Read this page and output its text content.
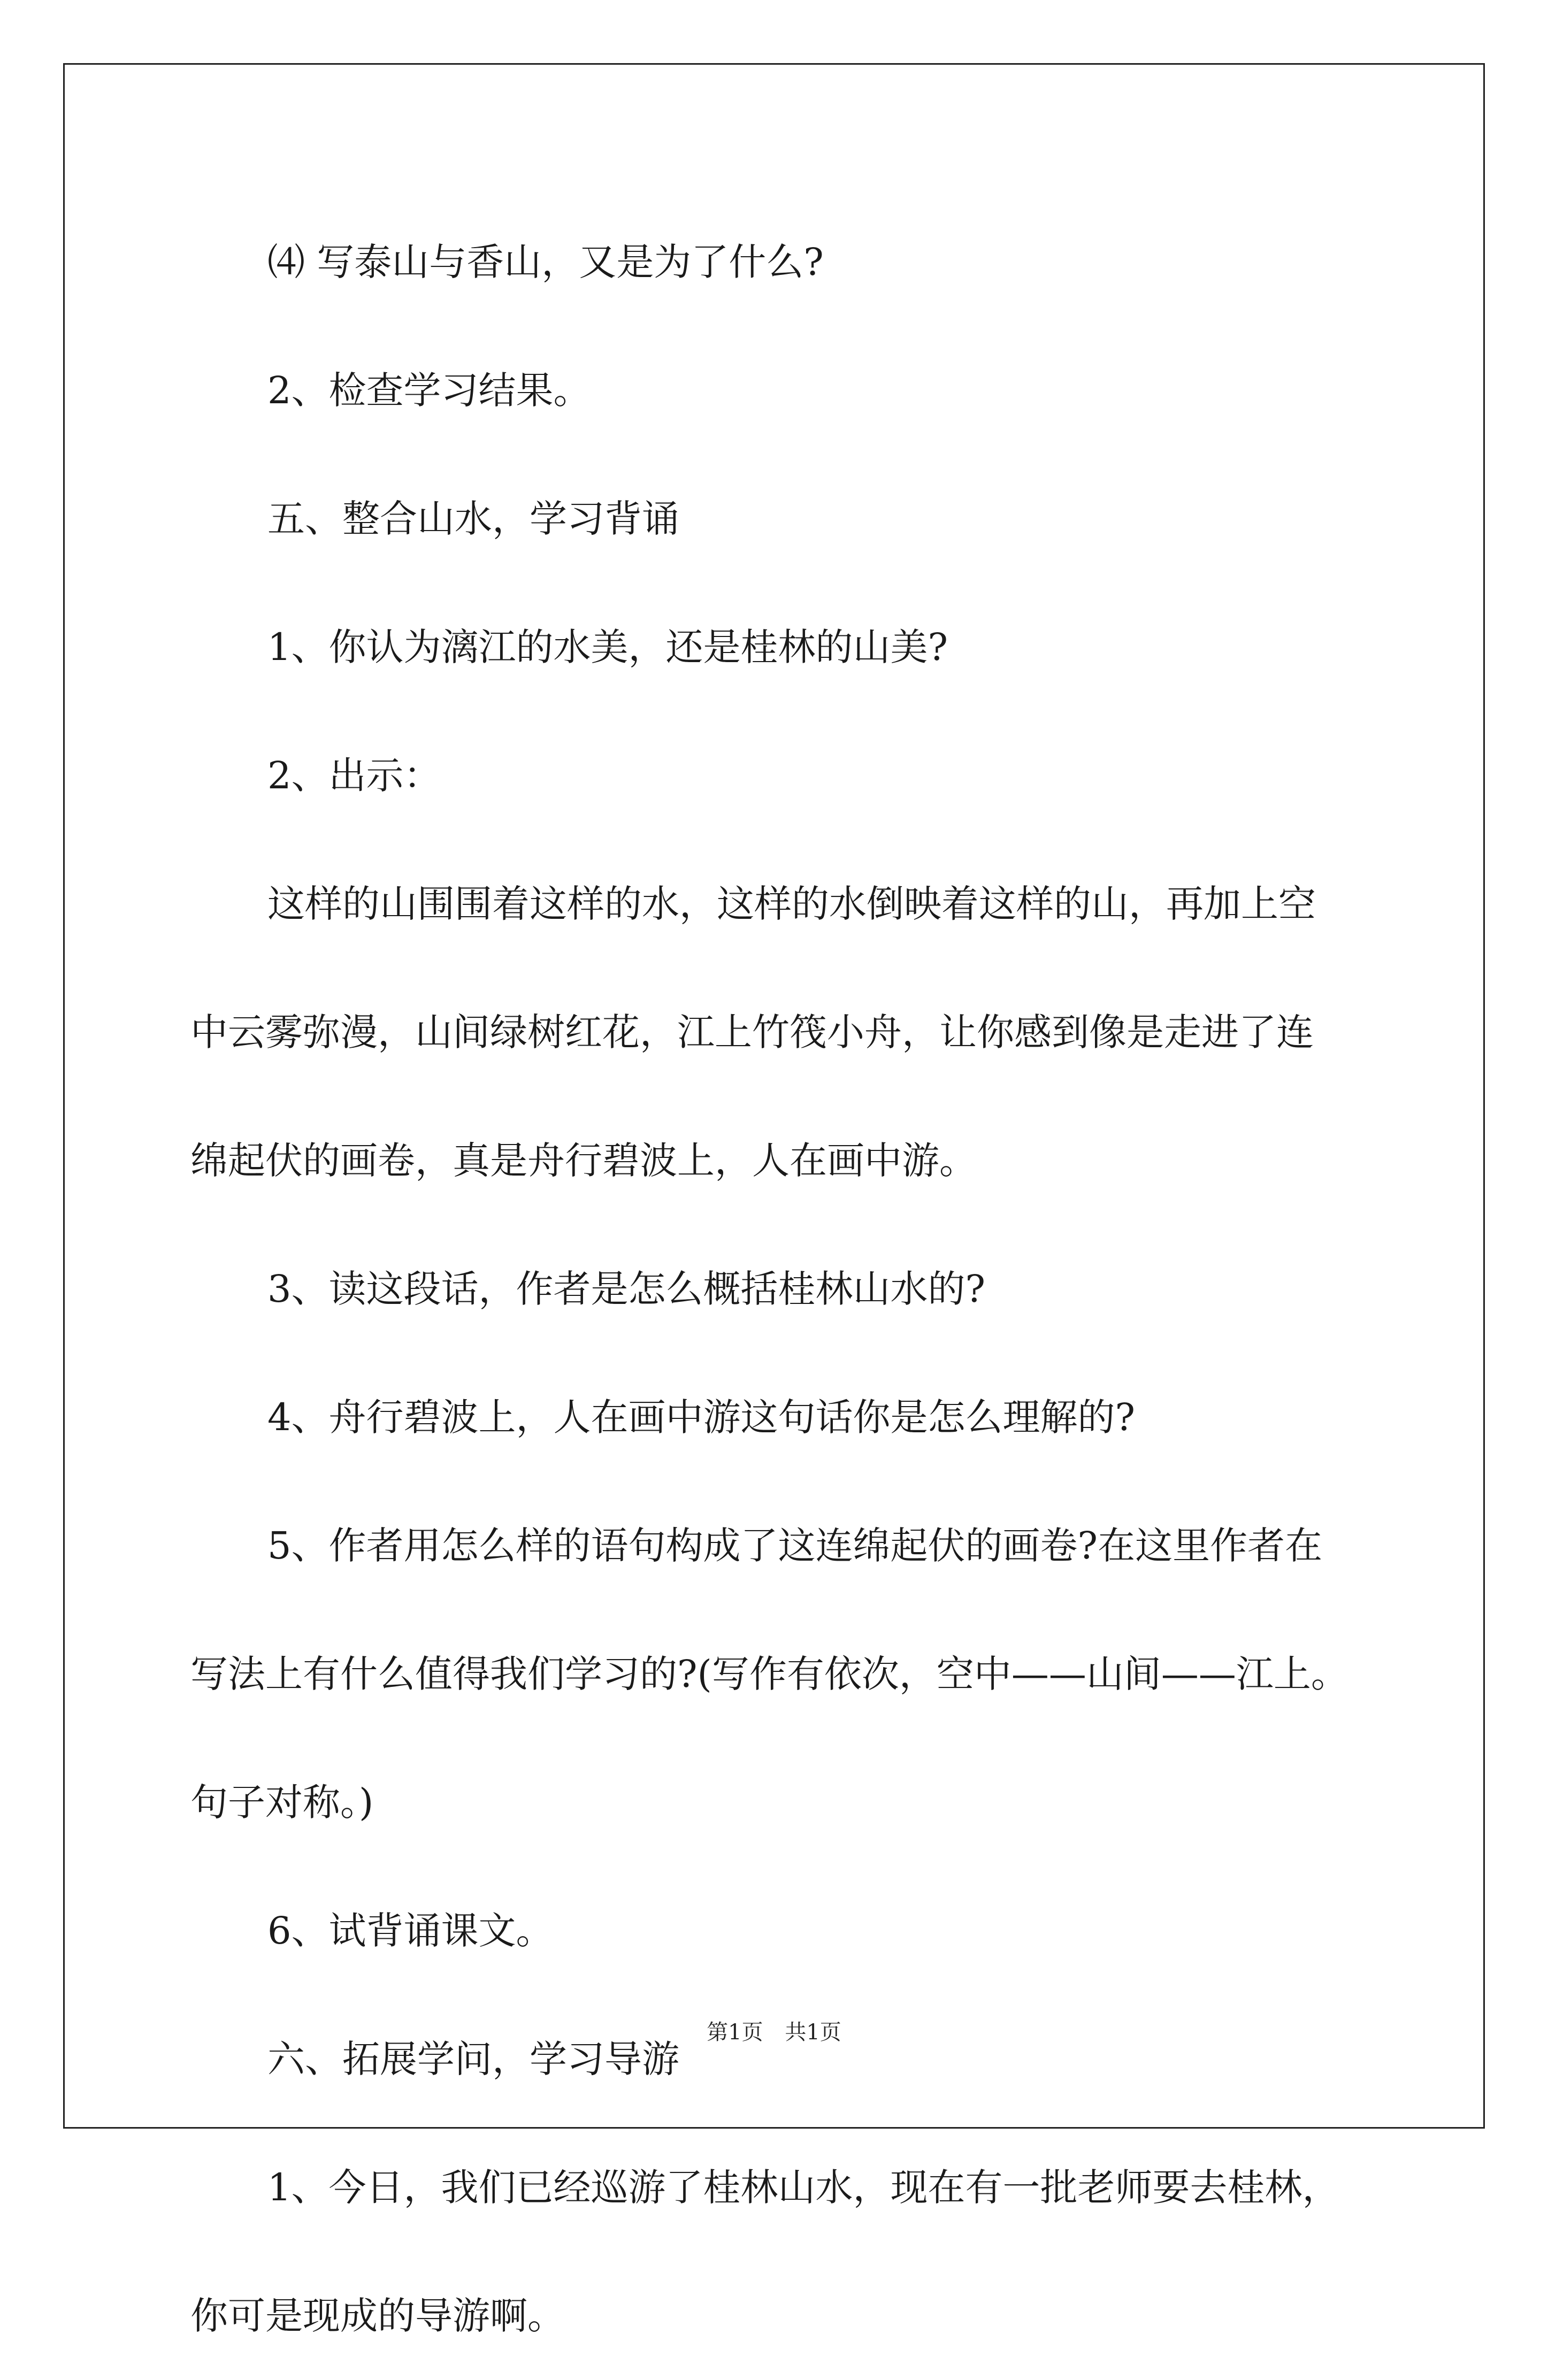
⑷ 写泰山与香山，又是为了什么?

2、检查学习结果。

五、整合山水，学习背诵

1、你认为漓江的水美，还是桂林的山美?

2、出示：

这样的山围围着这样的水，这样的水倒映着这样的山，再加上空

中云雾弥漫，山间绿树红花，江上竹筏小舟，让你感到像是走进了连

绵起伏的画卷，真是舟行碧波上，人在画中游。

3、读这段话，作者是怎么概括桂林山水的?

4、舟行碧波上，人在画中游这句话你是怎么理解的?

5、作者用怎么样的语句构成了这连绵起伏的画卷?在这里作者在

写法上有什么值得我们学习的?(写作有依次，空中——山间——江上。

句子对称。)

6、试背诵课文。

六、拓展学问，学习导游

1、今日，我们已经巡游了桂林山水，现在有一批老师要去桂林，

你可是现成的导游啊。

第1页 共1页
